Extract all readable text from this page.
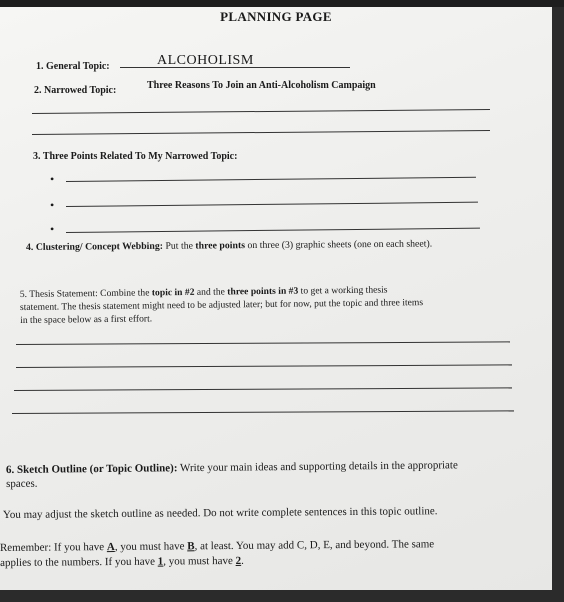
PLANNING PAGE
1. General Topic:	ALCOHOLISM
2. Narrowed Topic:	Three Reasons To Join an Anti-Alcoholism Campaign
3. Three Points Related To My Narrowed Topic:
•
•
•
4. Clustering/ Concept Webbing: Put the three points on three (3) graphic sheets (one on each sheet).
5. Thesis Statement: Combine the topic in #2 and the three points in #3 to get a working thesis
statement. The thesis statement might need to be adjusted later; but for now, put the topic and three items
in the space below as a first effort.
6. Sketch Outline (or Topic Outline): Write your main ideas and supporting details in the appropriate
spaces.
You may adjust the sketch outline as needed. Do not write complete sentences in this topic outline.
Remember: If you have A, you must have B, at least. You may add C, D, E, and beyond. The same
applies to the numbers. If you have 1, you must have 2.
